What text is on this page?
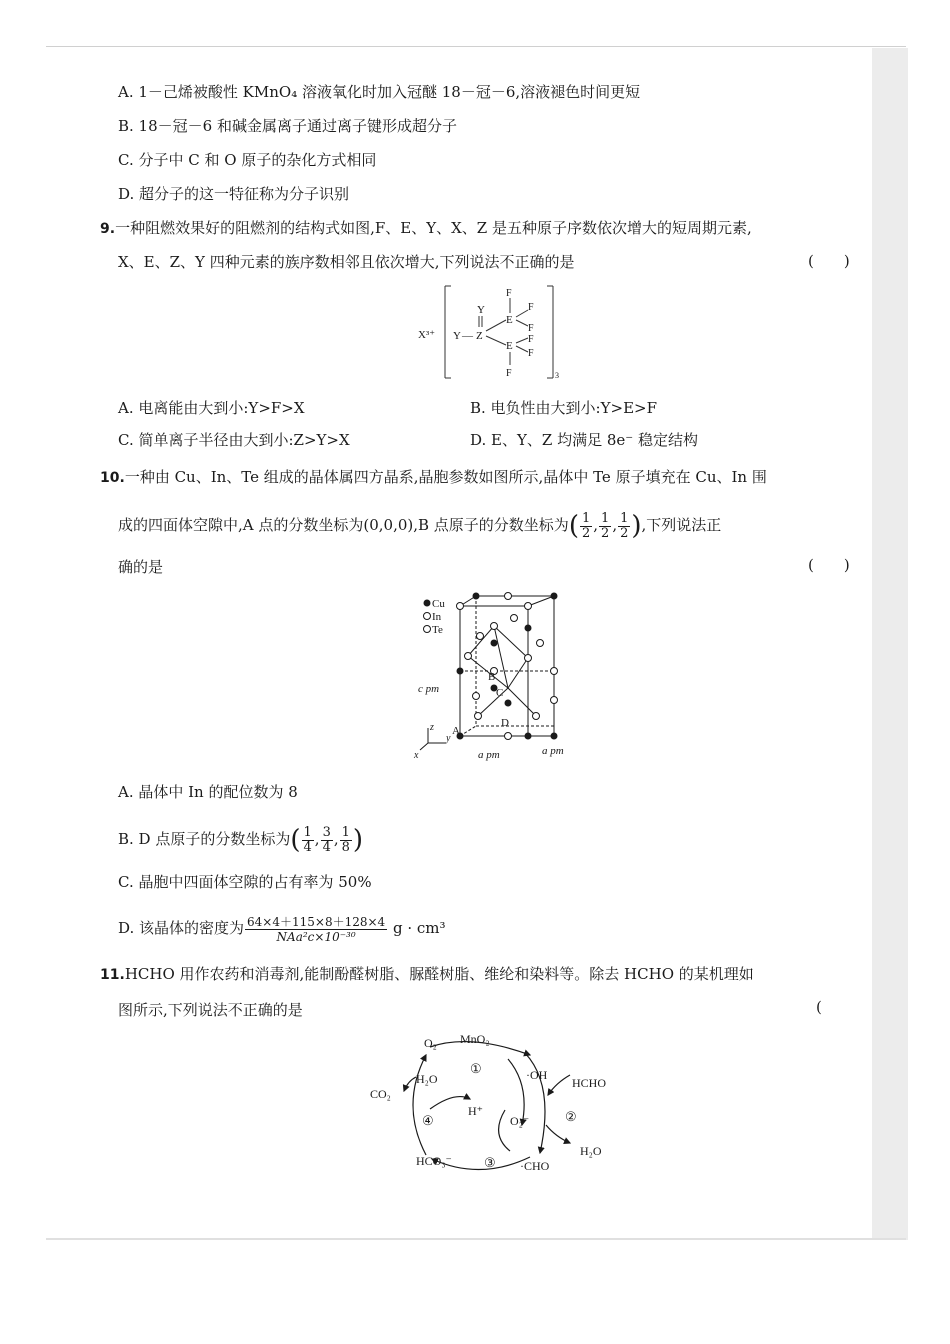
A. 1－己烯被酸性 KMnO₄ 溶液氧化时加入冠醚 18－冠－6,溶液褪色时间更短
B. 18－冠－6 和碱金属离子通过离子键形成超分子
C. 分子中 C 和 O 原子的杂化方式相同
D. 超分子的这一特征称为分子识别
9.一种阻燃效果好的阻燃剂的结构式如图,F、E、Y、X、Z 是五种原子序数依次增大的短周期元素,
X、E、Z、Y 四种元素的族序数相邻且依次增大,下列说法不正确的是	(　　)
X³⁺
3
Y —
Y
Z
E
E
F
F
F
F
F
F
A. 电离能由大到小:Y>F>X	B. 电负性由大到小:Y>E>F
C. 简单离子半径由大到小:Z>Y>X	D. E、Y、Z 均满足 8e⁻ 稳定结构
10.一种由 Cu、In、Te 组成的晶体属四方晶系,晶胞参数如图所示,晶体中 Te 原子填充在 Cu、In 围
成的四面体空隙中,A 点的分数坐标为(0,0,0),B 点原子的分数坐标为( $\frac{1}{2}$ , $\frac{1}{2}$ , $\frac{1}{2}$ ),下列说法正
确的是	(　　)
Cu
In
Te
c pm
a pm	a pm
A
B
C
D
z
y
x
A. 晶体中 In 的配位数为 8
B. D 点原子的分数坐标为( $\frac{1}{4}$ , $\frac{3}{4}$ , $\frac{1}{8}$ )
C. 晶胞中四面体空隙的占有率为 50%
D. 该晶体的密度为 $\frac{64\times 4+115\times 8+128\times 4}{\text{NAa²c×10⁻³⁰}}$ g · cm³
11.HCHO 用作农药和消毒剂,能制酚醛树脂、脲醛树脂、维纶和染料等。除去 HCHO 的某机理如
图所示,下列说法不正确的是	(
O₂ MnO₂
·OH
HCHO
H₂O
CO₂
H⁺
O₂⁻
HCO₃⁻	·CHO
H₂O
①
②
③
④
